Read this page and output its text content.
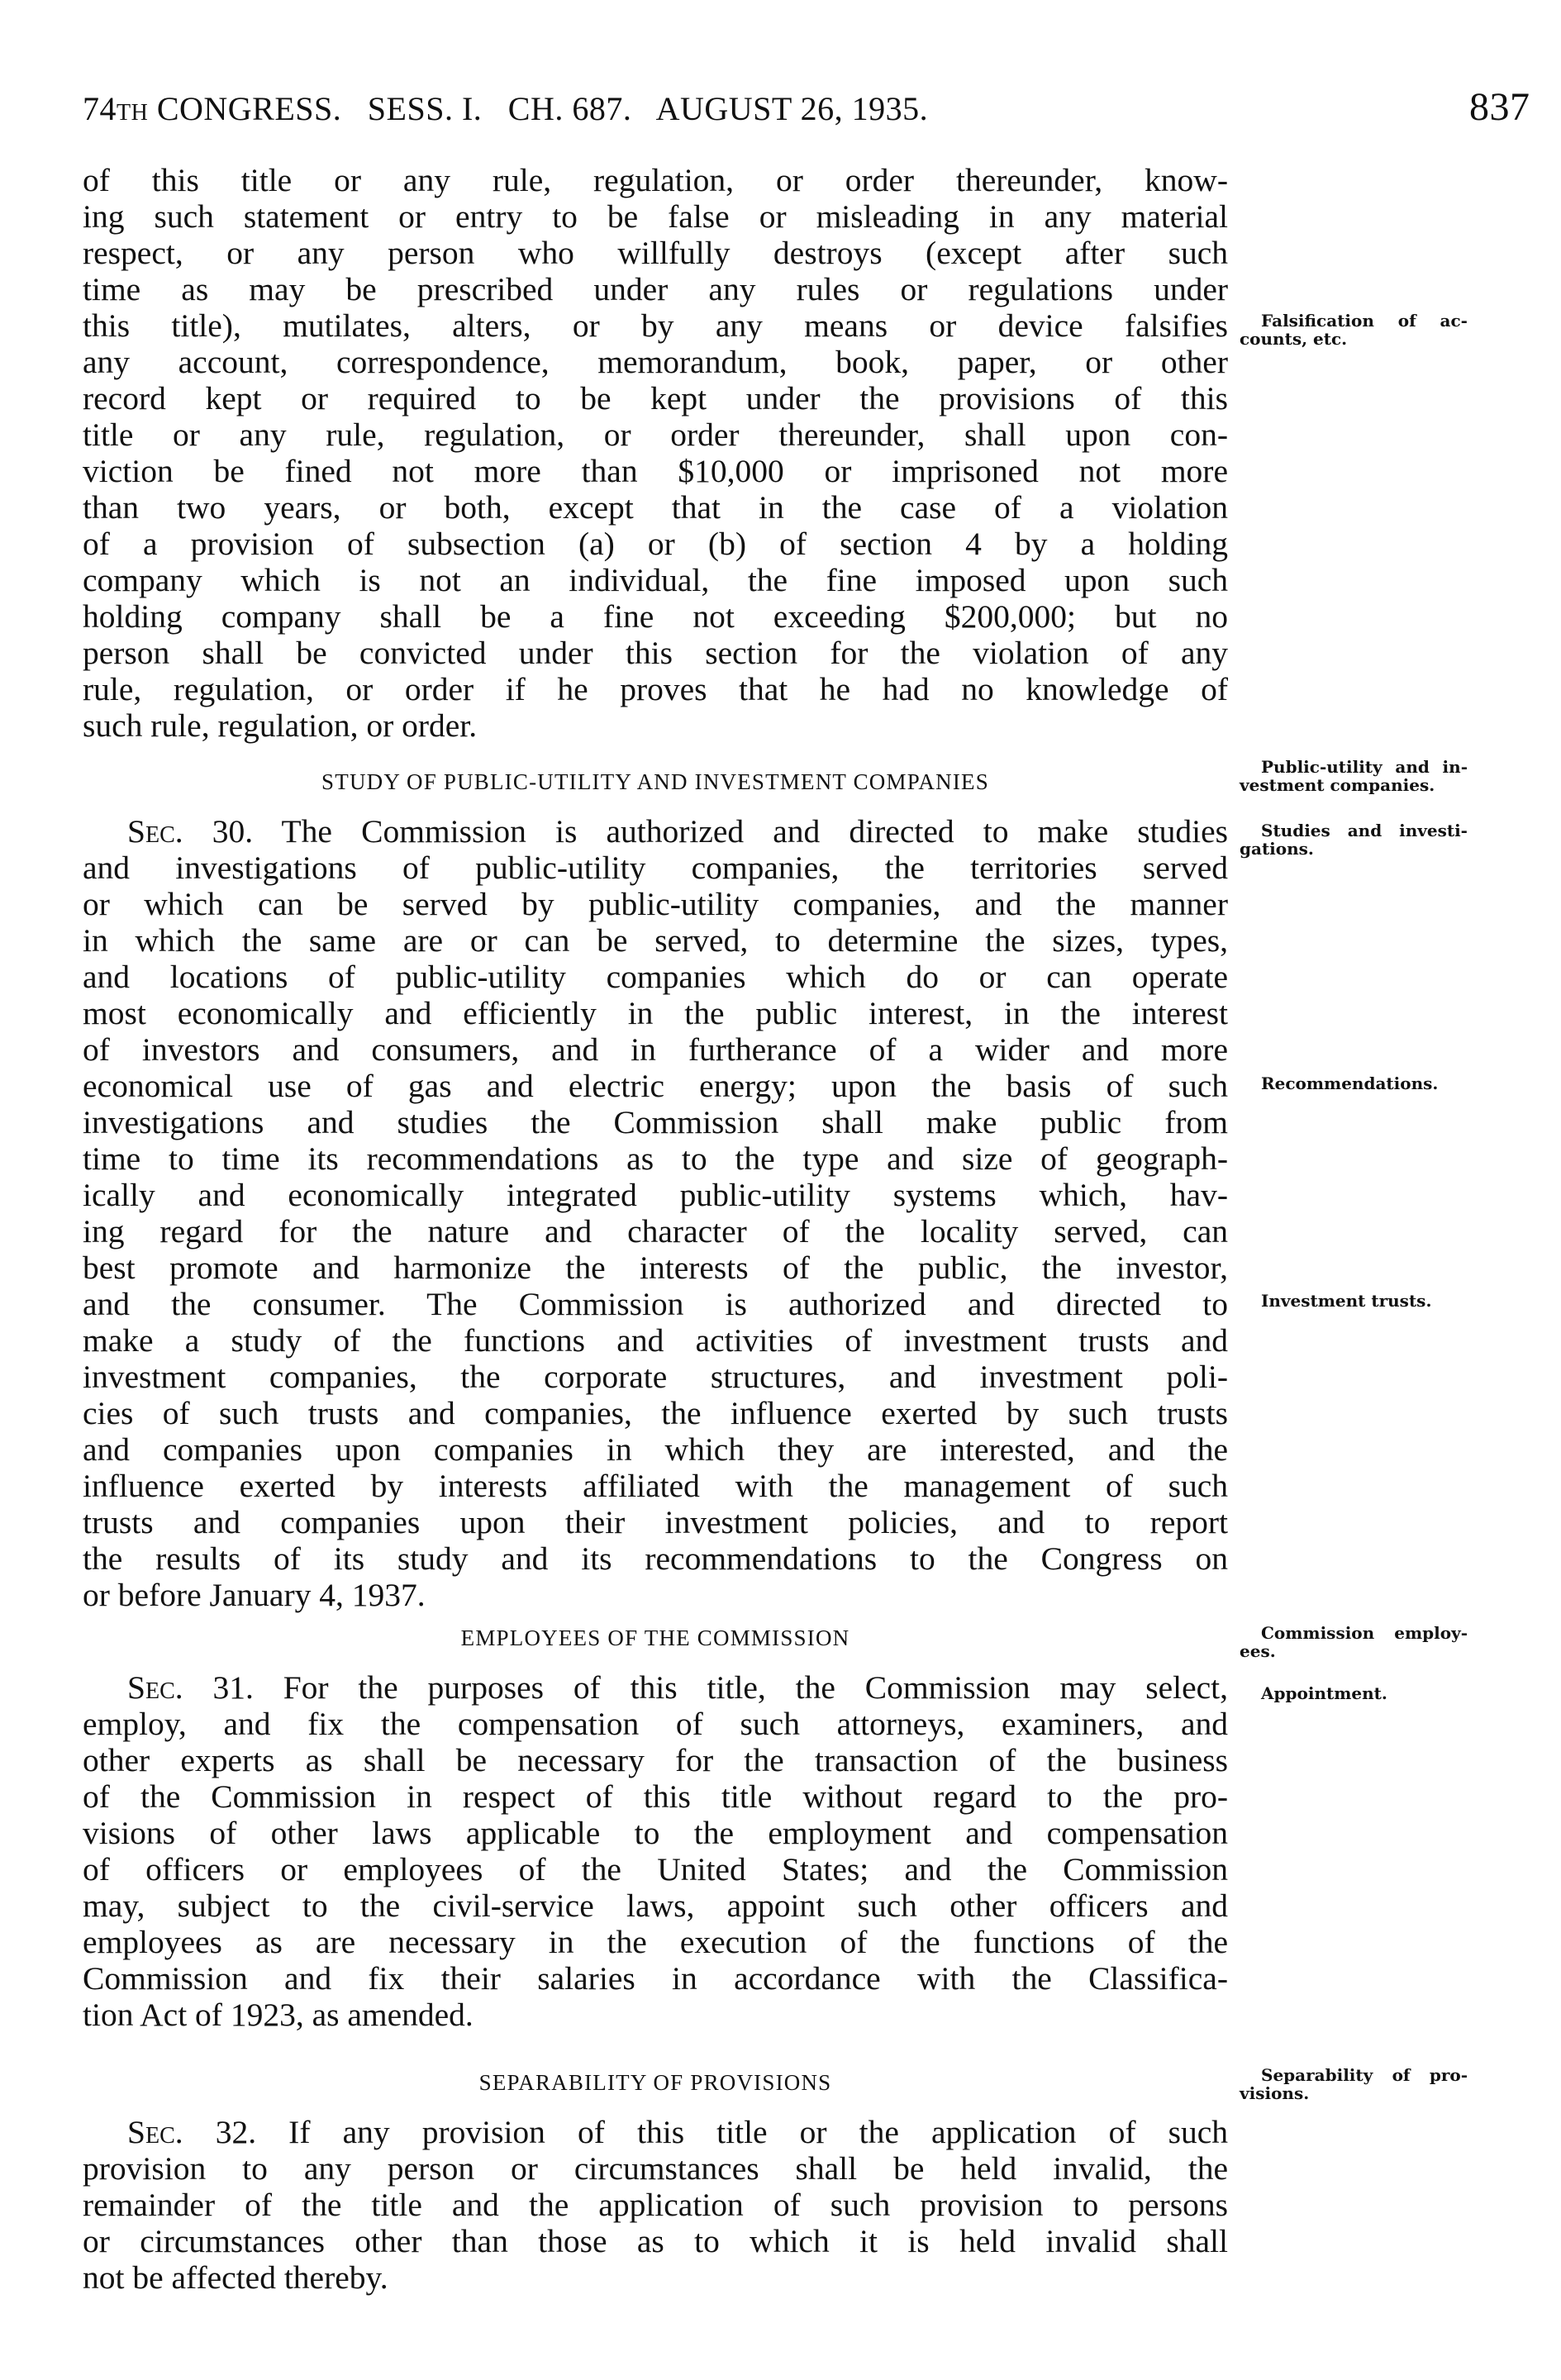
74TH CONGRESS.   SESS. I.   CH. 687.   AUGUST 26, 1935.	837
of this title or any rule, regulation, or order thereunder, know-
ing such statement or entry to be false or misleading in any material
respect, or any person who willfully destroys (except after such
time as may be prescribed under any rules or regulations under
this title), mutilates, alters, or by any means or device falsifies
any account, correspondence, memorandum, book, paper, or other
record kept or required to be kept under the provisions of this
title or any rule, regulation, or order thereunder, shall upon con-
viction be fined not more than $10,000 or imprisoned not more
than two years, or both, except that in the case of a violation
of a provision of subsection (a) or (b) of section 4 by a holding
company which is not an individual, the fine imposed upon such
holding company shall be a fine not exceeding $200,000; but no
person shall be convicted under this section for the violation of any
rule, regulation, or order if he proves that he had no knowledge of
such rule, regulation, or order.
STUDY OF PUBLIC-UTILITY AND INVESTMENT COMPANIES
Sec. 30. The Commission is authorized and directed to make studies
and investigations of public-utility companies, the territories served
or which can be served by public-utility companies, and the manner
in which the same are or can be served, to determine the sizes, types,
and locations of public-utility companies which do or can operate
most economically and efficiently in the public interest, in the interest
of investors and consumers, and in furtherance of a wider and more
economical use of gas and electric energy; upon the basis of such
investigations and studies the Commission shall make public from
time to time its recommendations as to the type and size of geograph-
ically and economically integrated public-utility systems which, hav-
ing regard for the nature and character of the locality served, can
best promote and harmonize the interests of the public, the investor,
and the consumer. The Commission is authorized and directed to
make a study of the functions and activities of investment trusts and
investment companies, the corporate structures, and investment poli-
cies of such trusts and companies, the influence exerted by such trusts
and companies upon companies in which they are interested, and the
influence exerted by interests affiliated with the management of such
trusts and companies upon their investment policies, and to report
the results of its study and its recommendations to the Congress on
or before January 4, 1937.
EMPLOYEES OF THE COMMISSION
Sec. 31. For the purposes of this title, the Commission may select,
employ, and fix the compensation of such attorneys, examiners, and
other experts as shall be necessary for the transaction of the business
of the Commission in respect of this title without regard to the pro-
visions of other laws applicable to the employment and compensation
of officers or employees of the United States; and the Commission
may, subject to the civil-service laws, appoint such other officers and
employees as are necessary in the execution of the functions of the
Commission and fix their salaries in accordance with the Classifica-
tion Act of 1923, as amended.
SEPARABILITY OF PROVISIONS
Sec. 32. If any provision of this title or the application of such
provision to any person or circumstances shall be held invalid, the
remainder of the title and the application of such provision to persons
or circumstances other than those as to which it is held invalid shall
not be affected thereby.
Falsification of ac-
counts, etc.
Public-utility and in-
vestment companies.
Studies and investi-
gations.
Recommendations.
Investment trusts.
Commission employ-
ees.
Appointment.
Separability of pro-
visions.
